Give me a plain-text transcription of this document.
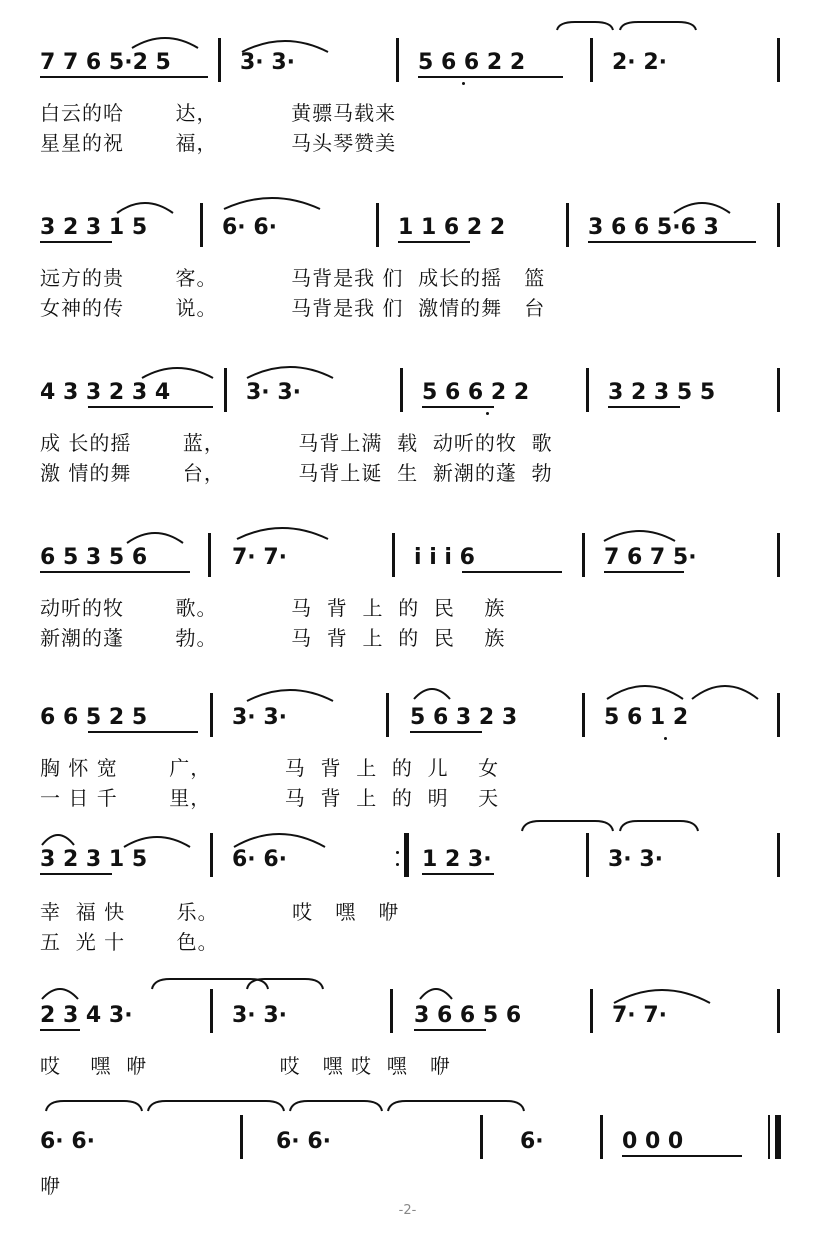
7 7 6 5·2 5	3· 3·	5 6 6 2 2	2· 2·
白云的哈       达，          黄骠马载来
星星的祝       福，          马头琴赞美
3 2 3 1 5	6· 6·	1 1 6 2 2	3 6 6 5·6 3
远方的贵       客。          马背是我 们  成长的摇   篮
女神的传       说。          马背是我 们  激情的舞   台
4 3 3 2 3 4	3· 3·	5 6 6 2 2	3 2 3 5 5
成 长的摇       蓝，          马背上满  载  动听的牧  歌
激 情的舞       台，          马背上诞  生  新潮的蓬  勃
6 5 3 5 6	7· 7·	i i i 6	7 6 7 5·
动听的牧       歌。          马  背  上  的  民    族
新潮的蓬       勃。          马  背  上  的  民    族
6 6 5 2 5	3· 3·	5 6 3 2 3	5 6 1 2
胸 怀 宽       广，          马  背  上  的  儿    女
一 日 千       里，          马  背  上  的  明    天
3 2 3 1 5	6· 6·	1 2 3·	3· 3·
幸  福 快       乐。          哎   嘿   咿
五  光 十       色。
2 3 4 3·	3· 3·	3 6 6 5 6	7· 7·
哎    嘿  咿                  哎   嘿 哎  嘿   咿
6· 6·	6· 6·	6·	0 0 0
咿
-2-
